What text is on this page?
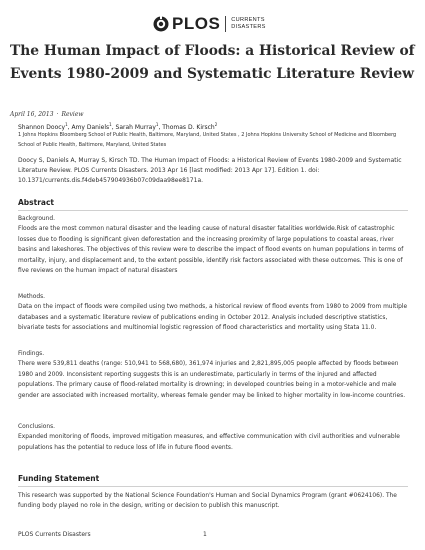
PLOS CURRENTS
DISASTERS
The Human Impact of Floods: a Historical Review of Events 1980-2009 and Systematic Literature Review
April 16, 2013 · Review
Shannon Doocy$^1$, Amy Daniels$^1$, Sarah Murray$^1$, Thomas D. Kirsch$^2$
1 Johns Hopkins Bloomberg School of Public Health, Baltimore, Maryland, United States , 2 Johns Hopkins University School of Medicine and Bloomberg School of Public Health, Baltimore, Maryland, United States
Doocy S, Daniels A, Murray S, Kirsch TD. The Human Impact of Floods: a Historical Review of Events 1980-2009 and Systematic Literature Review. PLOS Currents Disasters. 2013 Apr 16 [last modified: 2013 Apr 17]. Edition 1. doi: 10.1371/currents.dis.f4deb457904936b07c09daa98ee8171a.
Abstract

Background.

Floods are the most common natural disaster and the leading cause of natural disaster fatalities worldwide.Risk of catastrophic losses due to flooding is significant given deforestation and the increasing proximity of large populations to coastal areas, river basins and lakeshores. The objectives of this review were to describe the impact of flood events on human populations in terms of mortality, injury, and displacement and, to the extent possible, identify risk factors associated with these outcomes. This is one of five reviews on the human impact of natural disasters

Methods.

Data on the impact of floods were compiled using two methods, a historical review of flood events from 1980 to 2009 from multiple databases and a systematic literature review of publications ending in October 2012. Analysis included descriptive statistics, bivariate tests for associations and multinomial logistic regression of flood characteristics and mortality using Stata 11.0.

Findings.

There were 539,811 deaths (range: 510,941 to 568,680), 361,974 injuries and 2,821,895,005 people affected by floods between 1980 and 2009. Inconsistent reporting suggests this is an underestimate, particularly in terms of the injured and affected populations. The primary cause of flood-related mortality is drowning; in developed countries being in a motor-vehicle and male gender are associated with increased mortality, whereas female gender may be linked to higher mortality in low-income countries.

Conclusions.

Expanded monitoring of floods, improved mitigation measures, and effective communication with civil authorities and vulnerable populations has the potential to reduce loss of life in future flood events.

Funding Statement
This research was supported by the National Science Foundation's Human and Social Dynamics Program (grant #0624106). The funding body played no role in the design, writing or decision to publish this manuscript.
PLOS Currents Disasters	1
